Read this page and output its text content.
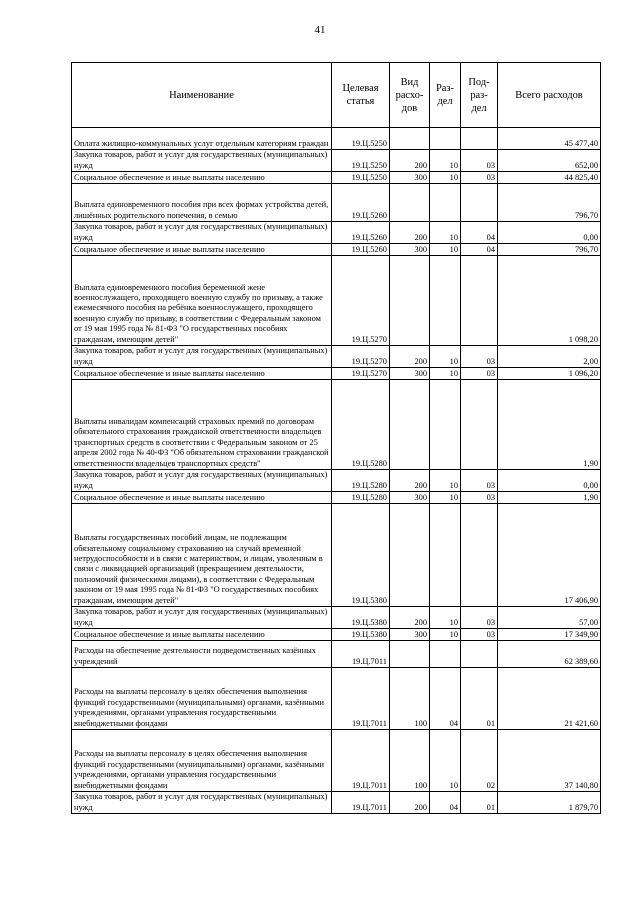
41
Наименование	Целевая статья	Вид расхо-дов	Раз-дел	Под-раз-дел	Всего расходов
Оплата жилищно-коммунальных услуг отдельным категориям граждан	19.Ц.5250				45 477,40
Закупка товаров, работ и услуг для государственных (муниципальных) нужд	19.Ц.5250	200	10	03	652,00
Социальное обеспечение и иные выплаты населению	19.Ц.5250	300	10	03	44 825,40
Выплата единовременного пособия при всех формах устройства детей, лишённых родительского попечения, в семью	19.Ц.5260				796,70
Закупка товаров, работ и услуг для государственных (муниципальных) нужд	19.Ц.5260	200	10	04	0,00
Социальное обеспечение и иные выплаты населению	19.Ц.5260	300	10	04	796,70
Выплата единовременного пособия беременной жене военнослужащего, проходящего военную службу по призыву, а также ежемесячного пособия на ребёнка военнослужащего, проходящего военную службу по призыву, в соответствии с Федеральным законом от 19 мая 1995 года № 81-ФЗ "О государственных пособиях гражданам, имеющим детей"	19.Ц.5270				1 098,20
Закупка товаров, работ и услуг для государственных (муниципальных) нужд	19.Ц.5270	200	10	03	2,00
Социальное обеспечение и иные выплаты населению	19.Ц.5270	300	10	03	1 096,20
Выплаты инвалидам компенсаций страховых премий по договорам обязательного страхования гражданской ответственности владельцев транспортных средств в соответствии с Федеральным законом от 25 апреля 2002 года № 40-ФЗ "Об обязательном страховании гражданской ответственности владельцев транспортных средств"	19.Ц.5280				1,90
Закупка товаров, работ и услуг для государственных (муниципальных) нужд	19.Ц.5280	200	10	03	0,00
Социальное обеспечение и иные выплаты населению	19.Ц.5280	300	10	03	1,90
Выплаты государственных пособий лицам, не подлежащим обязательному социальному страхованию на случай временной нетрудоспособности и в связи с материнством, и лицам, уволенным в связи с ликвидацией организаций (прекращением деятельности, полномочий физическими лицами), в соответствии с Федеральным законом от 19 мая 1995 года № 81-ФЗ "О государственных пособиях гражданам, имеющим детей"	19.Ц.5380				17 406,90
Закупка товаров, работ и услуг для государственных (муниципальных) нужд	19.Ц.5380	200	10	03	57,00
Социальное обеспечение и иные выплаты населению	19.Ц.5380	300	10	03	17 349,90
Расходы на обеспечение деятельности подведомственных казённых учреждений	19.Ц.7011				62 389,60
Расходы на выплаты персоналу в целях обеспечения выполнения функций государственными (муниципальными) органами, казёнными учреждениями, органами управления государственными внебюджетными фондами	19.Ц.7011	100	04	01	21 421,60
Расходы на выплаты персоналу в целях обеспечения выполнения функций государственными (муниципальными) органами, казёнными учреждениями, органами управления государственными внебюджетными фондами	19.Ц.7011	100	10	02	37 140,80
Закупка товаров, работ и услуг для государственных (муниципальных) нужд	19.Ц.7011	200	04	01	1 879,70
